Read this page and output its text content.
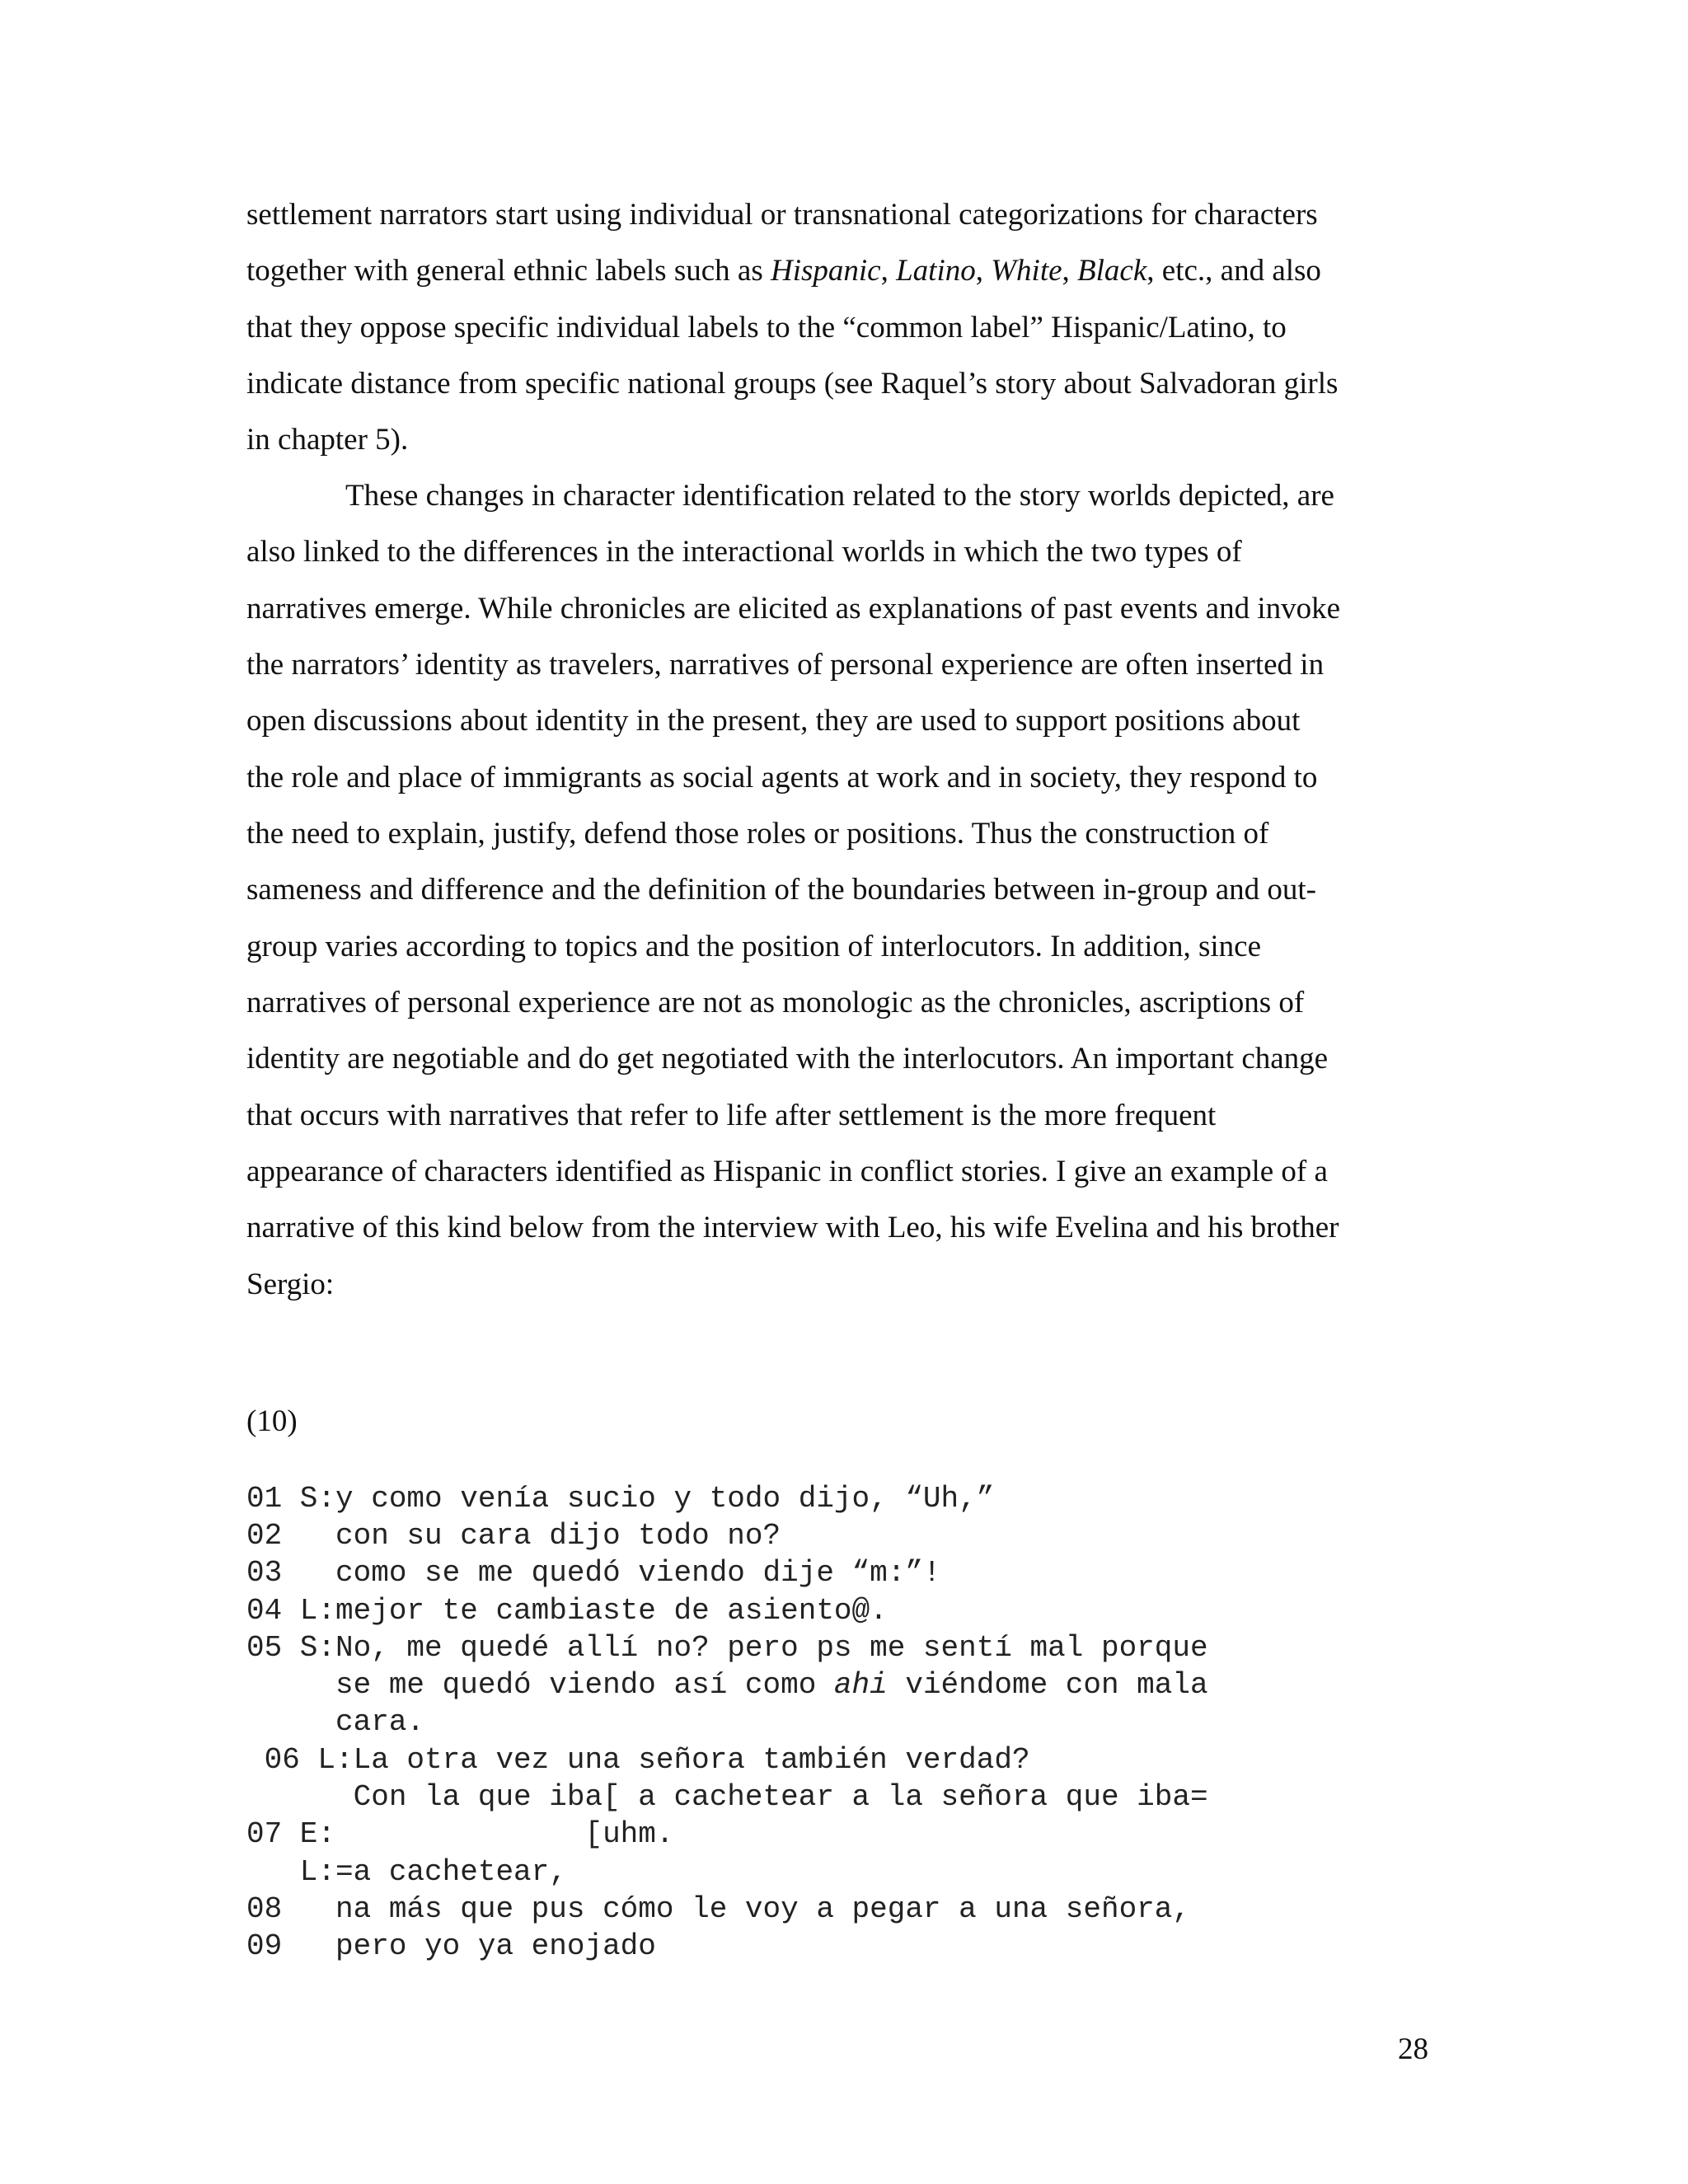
settlement narrators start using individual or transnational categorizations for characters
together with general ethnic labels such as Hispanic, Latino, White, Black, etc., and also
that they oppose specific individual labels to the “common label” Hispanic/Latino, to
indicate distance from specific national groups (see Raquel’s story about Salvadoran girls
in chapter 5).
These changes in character identification related to the story worlds depicted, are
also linked to the differences in the interactional worlds in which the two types of
narratives emerge. While chronicles are elicited as explanations of past events and invoke
the narrators’ identity as travelers, narratives of personal experience are often inserted in
open discussions about identity in the present, they are used to support positions about
the role and place of immigrants as social agents at work and in society, they respond to
the need to explain, justify, defend those roles or positions. Thus the construction of
sameness and difference and the definition of the boundaries between in-group and out-
group varies according to topics and the position of interlocutors. In addition, since
narratives of personal experience are not as monologic as the chronicles, ascriptions of
identity are negotiable and do get negotiated with the interlocutors. An important change
that occurs with narratives that refer to life after settlement is the more frequent
appearance of characters identified as Hispanic in conflict stories. I give an example of a
narrative of this kind below from the interview with Leo, his wife Evelina and his brother
Sergio:
(10)
01 S:y como venía sucio y todo dijo, “Uh,”
02   con su cara dijo todo no?
03   como se me quedó viendo dije “m:”!
04 L:mejor te cambiaste de asiento@.
05 S:No, me quedé allí no? pero ps me sentí mal porque
se me quedó viendo así como ahi viéndome con mala
cara.
06 L:La otra vez una señora también verdad?
Con la que iba[ a cachetear a la señora que iba=
07 E:              [uhm.
L:=a cachetear,
08   na más que pus cómo le voy a pegar a una señora,
09   pero yo ya enojado
28
